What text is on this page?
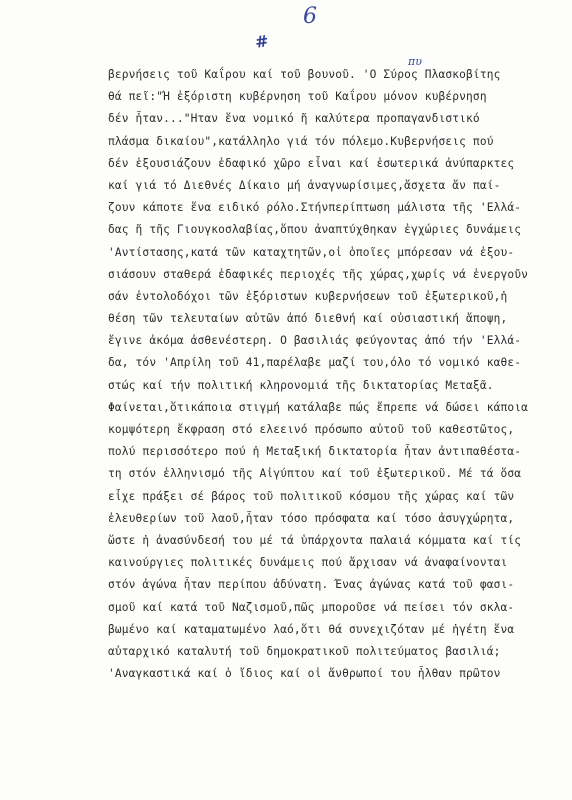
6
#
πυ
βερνήσεις τοῦ Καΐρου καί τοῦ βουνοῦ. 'Ο Σύρος Πλασκοβίτης
θά πεῖ:"Ή ἐξόριστη κυβέρνηση τοῦ Καΐρου μόνον κυβέρνηση
δέν ἦταν..."Ηταν ἕνα νομικό ἤ καλύτερα προπαγανδιστικό
πλάσμα δικαίου",κατάλληλο γιά τόν πόλεμο.Κυβερνήσεις πού
δέν ἐξουσιάζουν ἐδαφικό χῶρο εἶναι καί ἐσωτερικά ἀνύπαρκτες
καί γιά τό Διεθνές Δίκαιο μή ἀναγνωρίσιμες,ἄσχετα ἄν παί-
ζουν κάποτε ἕνα ειδικό ρόλο.Στήνπερίπτωση μάλιστα τῆς 'Ελλά-
δας ἤ τῆς Γιουγκοσλαβίας,ὅπου ἀναπτύχθηκαν ἐγχώριες δυνάμεις
'Αντίστασης,κατά τῶν καταχτητῶν,οἱ ὁποῖες μπόρεσαν νά ἐξου-
σιάσουν σταθερά ἐδαφικές περιοχές τῆς χώρας,χωρίς νά ἐνεργοῦν
σάν ἐντολοδόχοι τῶν ἐξόριστων κυβερνήσεων τοῦ ἐξωτερικοῦ,ἡ
θέση τῶν τελευταίων αὐτῶν ἀπό διεθνή καί οὐσιαστική ἄποψη,
ἔγινε ἀκόμα ἀσθενέστερη. Ο βασιλιάς φεύγοντας ἀπό τήν 'Ελλά-
δα, τόν 'Απρίλη τοῦ 41,παρέλαβε μαζί του,όλο τό νομικό καθε-
στώς καί τήν πολιτική κληρονομιά τῆς δικτατορίας Μεταξᾶ.
Φαίνεται,ὅτικάποια στιγμή κατάλαβε πώς ἔπρεπε νά δώσει κάποια
κομψότερη ἔκφραση στό ελεεινό πρόσωπο αὐτοῦ τοῦ καθεστῶτος,
πολύ περισσότερο πού ἡ Μεταξική δικτατορία ἦταν ἀντιπαθέστα-
τη στόν ἑλληνισμό τῆς Αἰγύπτου καί τοῦ ἐξωτερικοῦ. Μέ τά ὅσα
εἶχε πράξει σέ βάρος τοῦ πολιτικοῦ κόσμου τῆς χώρας καί τῶν
ἐλευθερίων τοῦ λαοῦ,ἦταν τόσο πρόσφατα καί τόσο ἀσυγχώρητα,
ὥστε ἡ ἀνασύνδεσή του μέ τά ὑπάρχοντα παλαιά κόμματα καί τίς
καινούργιες πολιτικές δυνάμεις πού ἄρχισαν νά ἀναφαίνονται
στόν ἀγώνα ἦταν περίπου ἀδύνατη. Ένας ἀγώνας κατά τοῦ φασι-
σμοῦ καί κατά τοῦ Ναζισμοῦ,πῶς μποροῦσε νά πείσει τόν σκλα-
βωμένο καί καταματωμένο λαό,ὅτι θά συνεχιζόταν μέ ἡγέτη ἕνα
αὐταρχικό καταλυτή τοῦ δημοκρατικοῦ πολιτεύματος βασιλιά;
'Αναγκαστικά καί ὁ ἴδιος καί οἱ ἄνθρωποί του ἦλθαν πρῶτον
